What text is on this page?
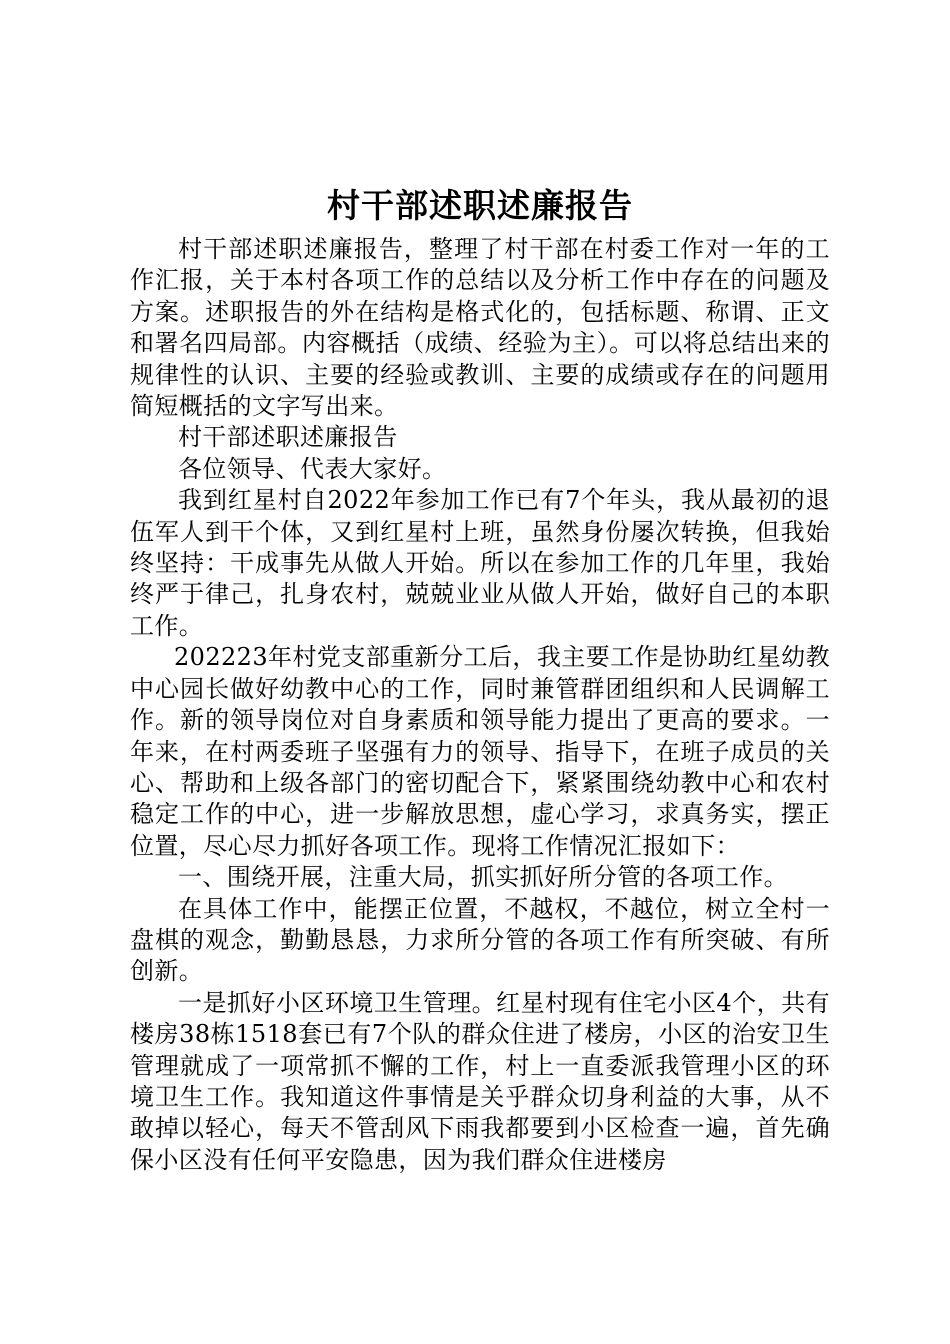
村干部述职述廉报告

村干部述职述廉报告，整理了村干部在村委工作对一年的工作汇报，关于本村各项工作的总结以及分析工作中存在的问题及方案。述职报告的外在结构是格式化的，包括标题、称谓、正文和署名四局部。内容概括（成绩、经验为主）。可以将总结出来的规律性的认识、主要的经验或教训、主要的成绩或存在的问题用简短概括的文字写出来。

村干部述职述廉报告

各位领导、代表大家好。

我到红星村自2022年参加工作已有7个年头，我从最初的退伍军人到干个体，又到红星村上班，虽然身份屡次转换，但我始终坚持：干成事先从做人开始。所以在参加工作的几年里，我始终严于律己，扎身农村，兢兢业业从做人开始，做好自己的本职工作。

202223年村党支部重新分工后，我主要工作是协助红星幼教中心园长做好幼教中心的工作，同时兼管群团组织和人民调解工作。新的领导岗位对自身素质和领导能力提出了更高的要求。一年来，在村两委班子坚强有力的领导、指导下，在班子成员的关心、帮助和上级各部门的密切配合下，紧紧围绕幼教中心和农村稳定工作的中心，进一步解放思想，虚心学习，求真务实，摆正位置，尽心尽力抓好各项工作。现将工作情况汇报如下：

一、围绕开展，注重大局，抓实抓好所分管的各项工作。

在具体工作中，能摆正位置，不越权，不越位，树立全村一盘棋的观念，勤勤恳恳，力求所分管的各项工作有所突破、有所创新。

一是抓好小区环境卫生管理。红星村现有住宅小区4个，共有楼房38栋1518套已有7个队的群众住进了楼房，小区的治安卫生管理就成了一项常抓不懈的工作，村上一直委派我管理小区的环境卫生工作。我知道这件事情是关乎群众切身利益的大事，从不敢掉以轻心，每天不管刮风下雨我都要到小区检查一遍，首先确保小区没有任何平安隐患，因为我们群众住进楼房
